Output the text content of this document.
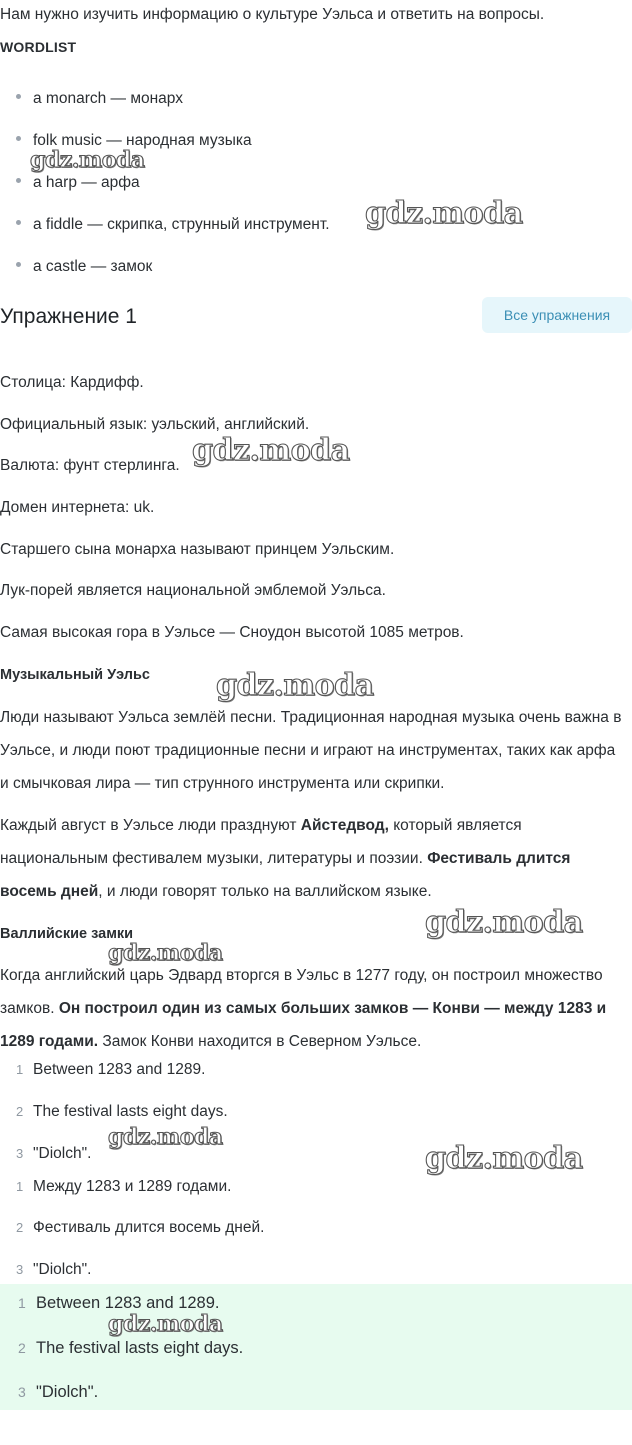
Нам нужно изучить информацию о культуре Уэльса и ответить на вопросы.
WORDLIST
a monarch — монарх
folk music — народная музыка
a harp — арфа
a fiddle — скрипка, струнный инструмент.
a castle — замок
Упражнение 1	Все упражнения
Столица: Кардифф.
Официальный язык: уэльский, английский.
Валюта: фунт стерлинга.
Домен интернета: uk.
Старшего сына монарха называют принцем Уэльским.
Лук-порей является национальной эмблемой Уэльса.
Самая высокая гора в Уэльсе — Сноудон высотой 1085 метров.
Музыкальный Уэльс
Люди называют Уэльса землёй песни. Традиционная народная музыка очень важна в Уэльсе, и люди поют традиционные песни и играют на инструментах, таких как арфа и смычковая лира — тип струнного инструмента или скрипки.
Каждый август в Уэльсе люди празднуют Айстедвод, который является национальным фестивалем музыки, литературы и поэзии. Фестиваль длится восемь дней, и люди говорят только на валлийском языке.
Валлийские замки
Когда английский царь Эдвард вторгся в Уэльс в 1277 году, он построил множество замков. Он построил один из самых больших замков — Конви — между 1283 и 1289 годами. Замок Конви находится в Северном Уэльсе.
1 Between 1283 and 1289.
2 The festival lasts eight days.
3 "Diolch".
1 Между 1283 и 1289 годами.
2 Фестиваль длится восемь дней.
3 "Diolch".
1 Between 1283 and 1289.
2 The festival lasts eight days.
3 "Diolch".
gdz.moda
gdz.moda
gdz.moda
gdz.moda
gdz.moda
gdz.moda
gdz.moda
gdz.moda
gdz.moda
